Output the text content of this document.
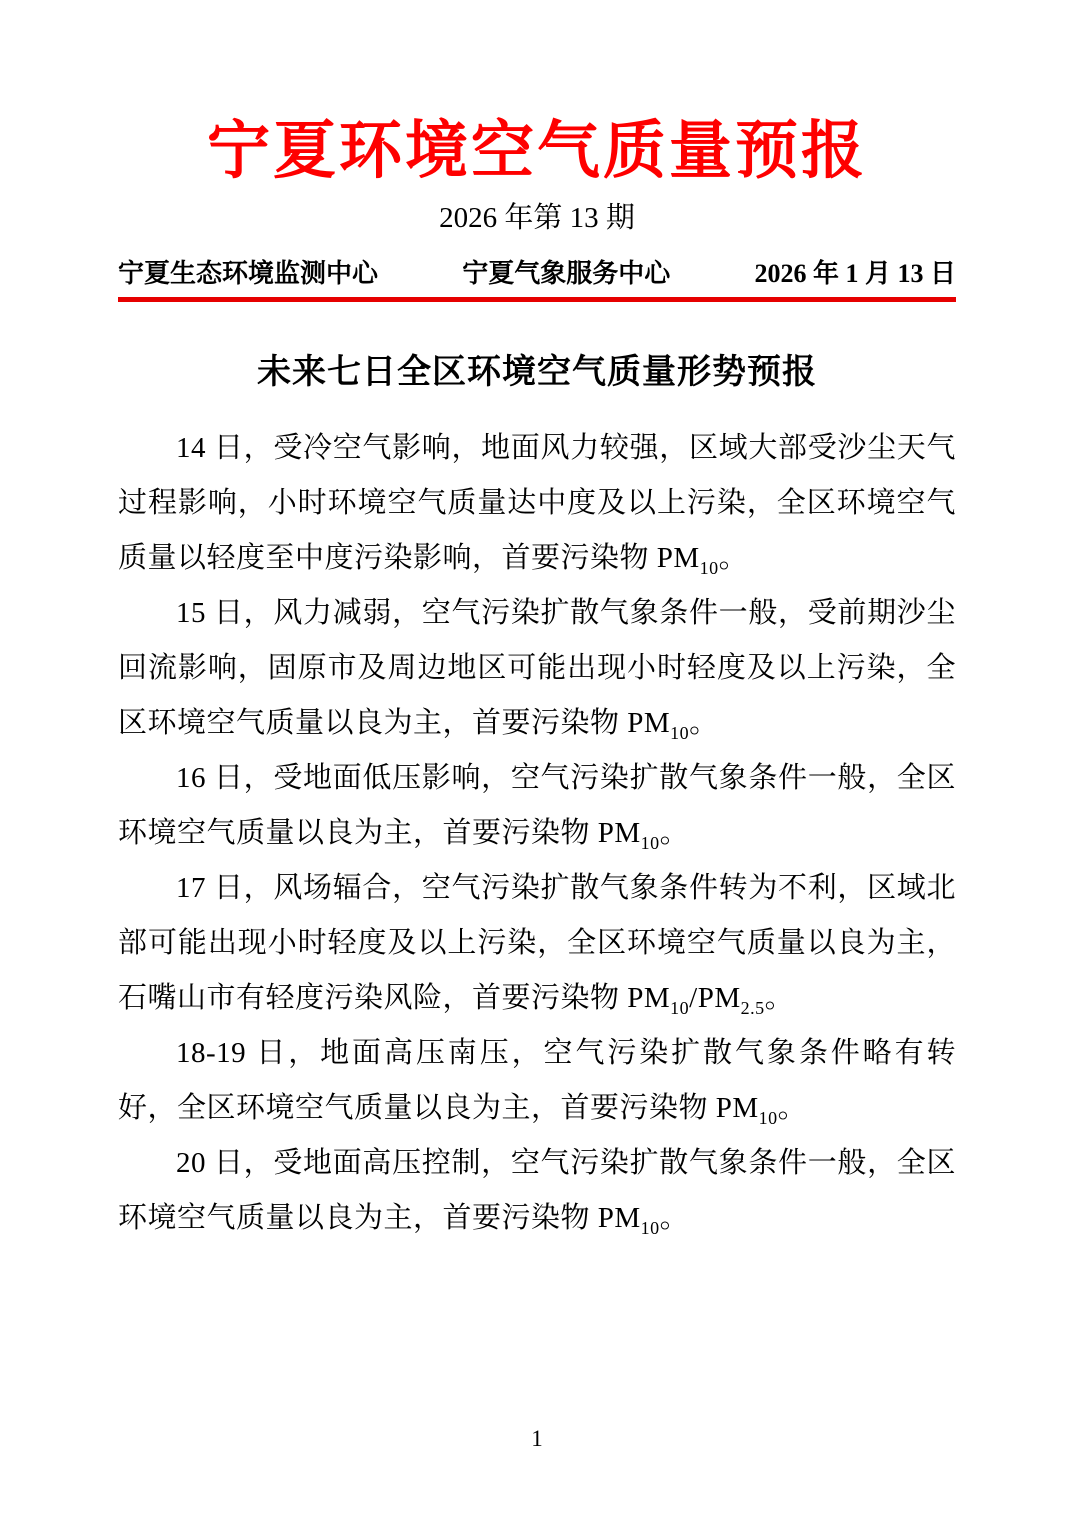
宁夏环境空气质量预报
2026 年第 13 期
宁夏生态环境监测中心	宁夏气象服务中心	2026 年 1 月 13 日
未来七日全区环境空气质量形势预报

14 日，受冷空气影响，地面风力较强，区域大部受沙尘天气过程影响，小时环境空气质量达中度及以上污染，全区环境空气质量以轻度至中度污染影响，首要污染物 $PM_{10}$。

15 日，风力减弱，空气污染扩散气象条件一般，受前期沙尘回流影响，固原市及周边地区可能出现小时轻度及以上污染，全区环境空气质量以良为主，首要污染物 $PM_{10}$。

16 日，受地面低压影响，空气污染扩散气象条件一般，全区环境空气质量以良为主，首要污染物 $PM_{10}$。

17 日，风场辐合，空气污染扩散气象条件转为不利，区域北部可能出现小时轻度及以上污染，全区环境空气质量以良为主，石嘴山市有轻度污染风险，首要污染物 $PM_{10}/PM_{2.5}$。

18-19 日，地面高压南压，空气污染扩散气象条件略有转好，全区环境空气质量以良为主，首要污染物 $PM_{10}$。

20 日，受地面高压控制，空气污染扩散气象条件一般，全区环境空气质量以良为主，首要污染物 $PM_{10}$。

1
